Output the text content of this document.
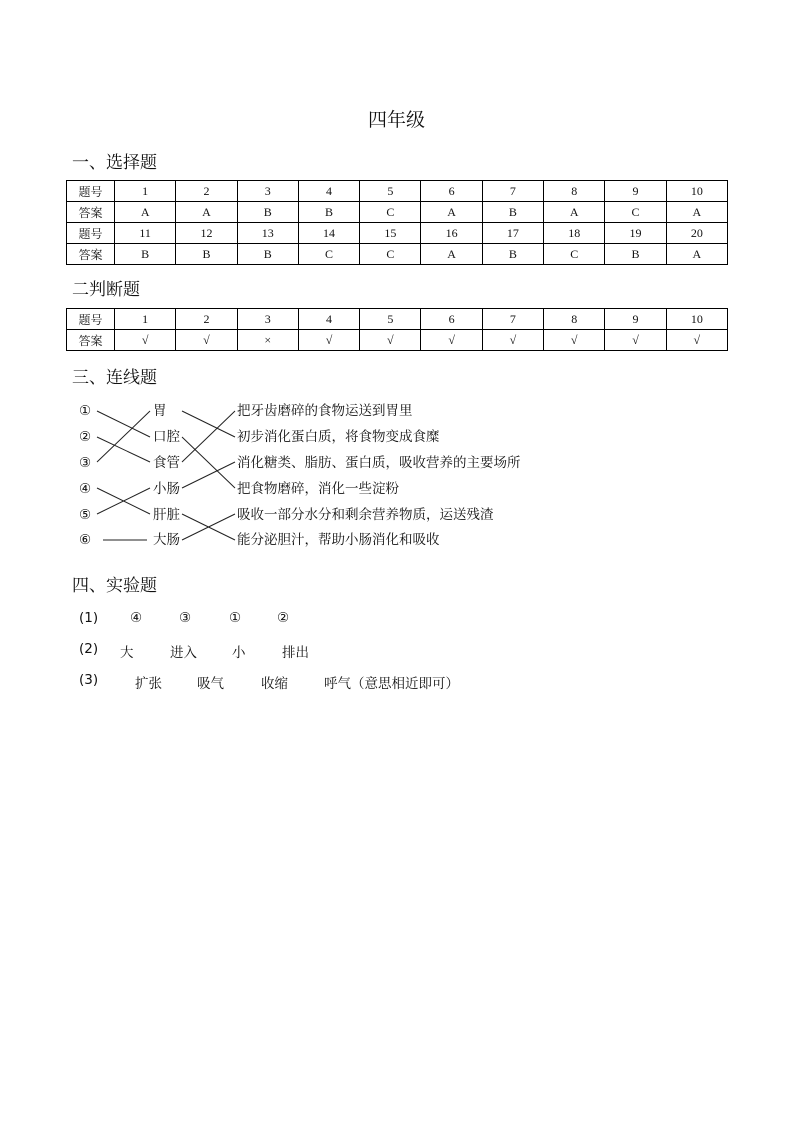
四年级
一、选择题
题号	1	2	3	4	5	6	7	8	9	10
答案	A	A	B	B	C	A	B	A	C	A
题号	11	12	13	14	15	16	17	18	19	20
答案	B	B	B	C	C	A	B	C	B	A
二判断题
题号	1	2	3	4	5	6	7	8	9	10
答案	√	√	×	√	√	√	√	√	√	√
三、连线题
①
②
③
④
⑤
⑥
胃
口腔
食管
小肠
肝脏
大肠
把牙齿磨碎的食物运送到胃里
初步消化蛋白质，将食物变成食糜
消化糖类、脂肪、蛋白质，吸收营养的主要场所
把食物磨碎，消化一些淀粉
吸收一部分水分和剩余营养物质，运送残渣
能分泌胆汁，帮助小肠消化和吸收
四、实验题
(1) ④	③	①	②
(2) 大	进入	小	排出
(3)	扩张	吸气	收缩	呼气（意思相近即可）
